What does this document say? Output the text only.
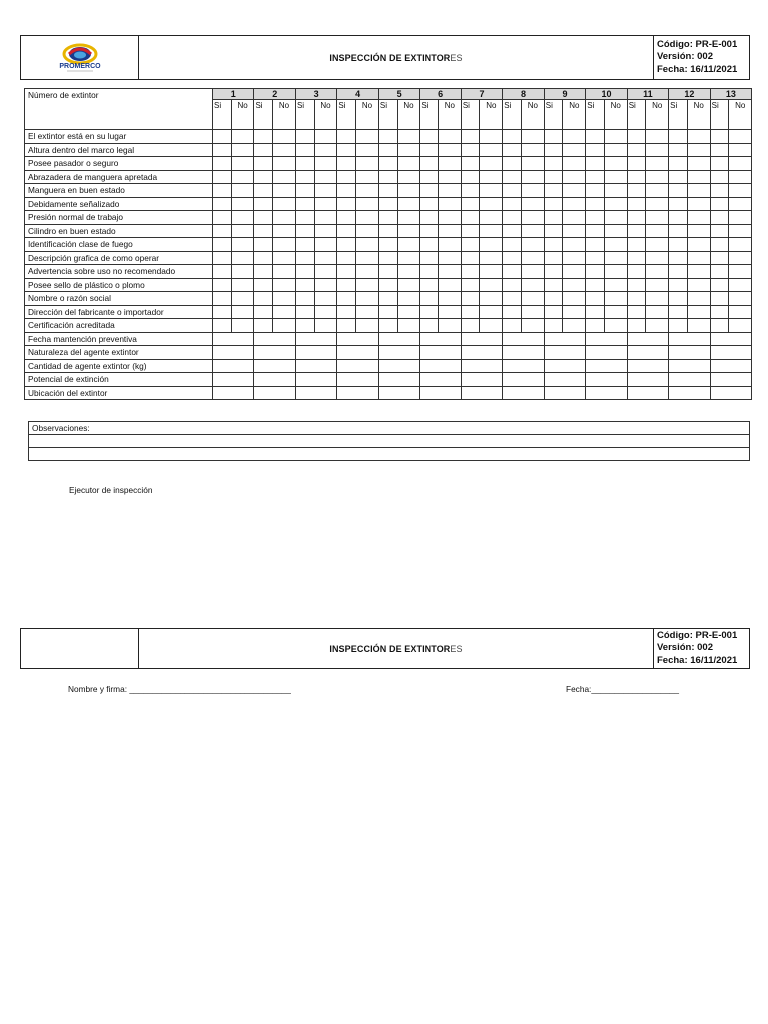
PROMERCO
	INSPECCIÓN DE EXTINTORES	
Código: PR-E-001
Versión: 002
Fecha: 16/11/2021
Número de extintor	1		2		3		4		5		6		7		8		9		10		11		12		13	
	Si	No	Si	No	Si	No	Si	No	Si	No	Si	No	Si	No	Si	No	Si	No	Si	No	Si	No	Si	No	Si	No
El extintor está en su lugar																										
Altura dentro del marco legal																										
Posee pasador o seguro																										
Abrazadera de manguera apretada																										
Manguera en buen estado																										
Debidamente señalizado																										
Presión normal de trabajo																										
Cilindro en buen estado																										
Identificación clase de fuego																										
Descripción grafica de como operar																										
Advertencia sobre uso no recomendado																										
Posee sello de plástico o plomo																										
Nombre o razón social																										
Dirección del fabricante o importador																										
Certificación acreditada																										
Fecha mantención preventiva																										
Naturaleza del agente extintor																										
Cantidad de agente extintor (kg)																										
Potencial de extinción																										
Ubicación del extintor																										
Observaciones:

Ejecutor de inspección
	INSPECCIÓN DE EXTINTORES	
Código: PR-E-001
Versión: 002
Fecha: 16/11/2021
Nombre y firma: ___________________________________	Fecha:___________________
